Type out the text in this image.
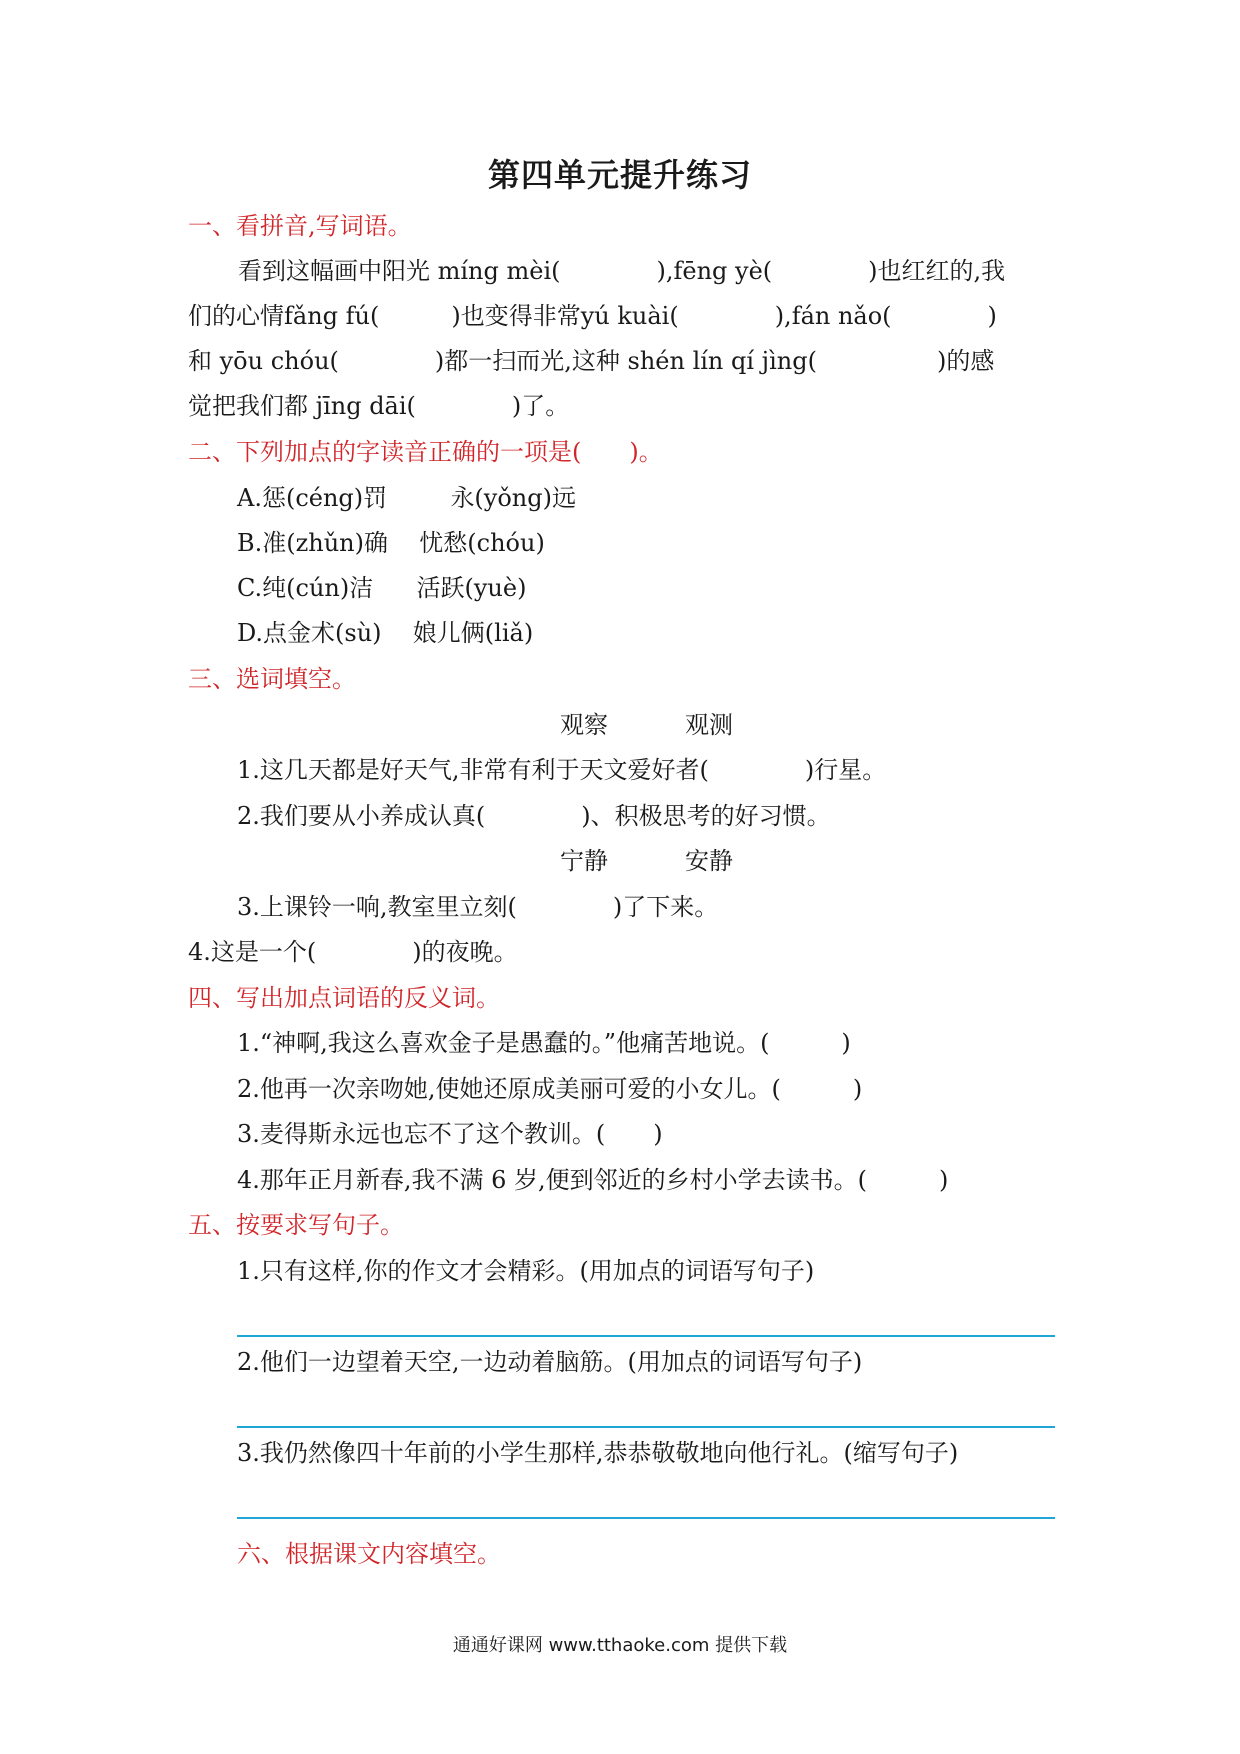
第四单元提升练习
一、看拼音,写词语。
看到这幅画中阳光 míng mèi(　　　　),fēng yè(　　　　)也红红的,我
们的心情fǎng fú(　　　)也变得非常yú kuài(　　　　),fán nǎo(　　　　)
和 yōu chóu(　　　　)都一扫而光,这种 shén lín qí jìng(　　　　　)的感
觉把我们都 jīng dāi(　　　　)了。
二、下列加点的字读音正确的一项是(　　)。
A.惩(céng)罚	永(yǒng)远
B.准(zhǔn)确 忧愁(chóu)
C.纯(cún)洁 活跃(yuè)
D.点金术(sù) 娘儿俩(liǎ)
三、选词填空。
观察	观测
1.这几天都是好天气,非常有利于天文爱好者(　　　　)行星。
2.我们要从小养成认真(　　　　)、积极思考的好习惯。
宁静	安静
3.上课铃一响,教室里立刻(　　　　)了下来。
4.这是一个(　　　　)的夜晚。
四、写出加点词语的反义词。
1.“神啊,我这么喜欢金子是愚蠢的。”他痛苦地说。(　　　)
2.他再一次亲吻她,使她还原成美丽可爱的小女儿。(　　　)
3.麦得斯永远也忘不了这个教训。(　　)
4.那年正月新春,我不满 6 岁,便到邻近的乡村小学去读书。(　　　)
五、按要求写句子。
1.只有这样,你的作文才会精彩。(用加点的词语写句子)
2.他们一边望着天空,一边动着脑筋。(用加点的词语写句子)
3.我仍然像四十年前的小学生那样,恭恭敬敬地向他行礼。(缩写句子)
六、根据课文内容填空。
通通好课网 www.tthaoke.com 提供下载
